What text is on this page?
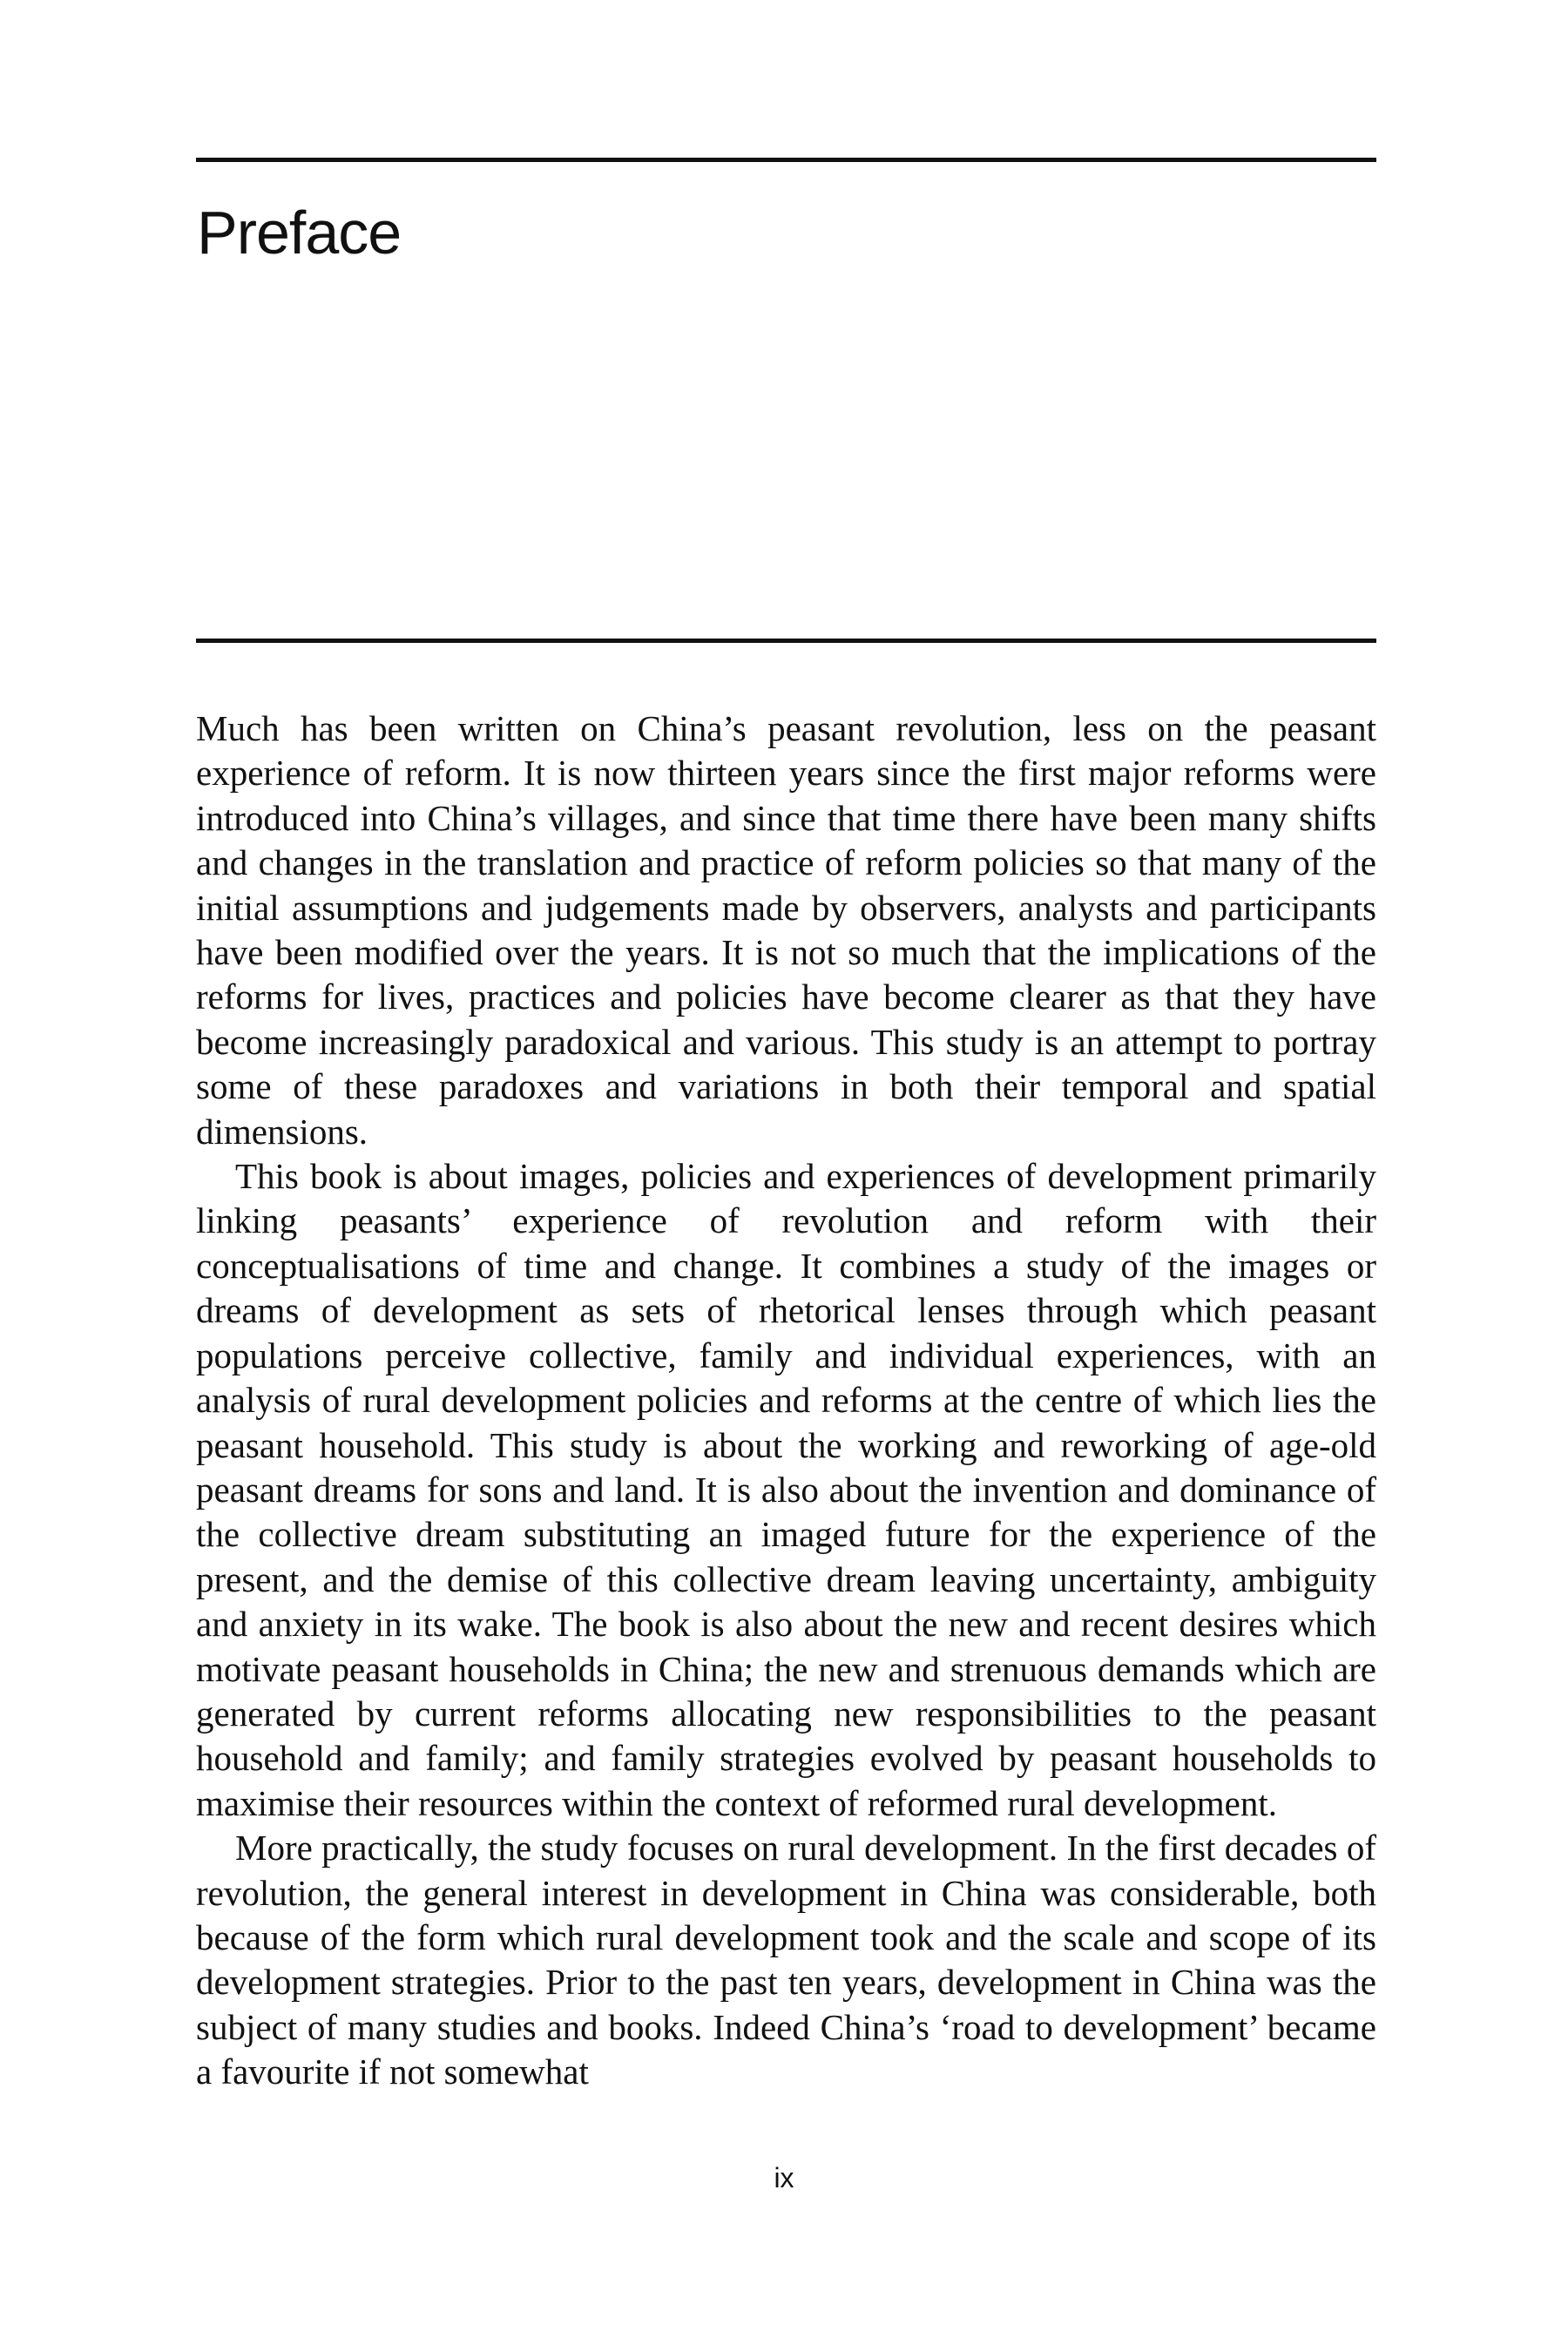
Preface

Much has been written on China’s peasant revolution, less on the peasant experience of reform. It is now thirteen years since the first major reforms were introduced into China’s villages, and since that time there have been many shifts and changes in the translation and practice of reform policies so that many of the initial assumptions and judgements made by observers, analysts and participants have been modified over the years. It is not so much that the implications of the reforms for lives, practices and policies have become clearer as that they have become increasingly paradoxical and various. This study is an attempt to portray some of these paradoxes and variations in both their temporal and spatial dimensions.

This book is about images, policies and experiences of development primarily linking peasants’ experience of revolution and reform with their conceptualisations of time and change. It combines a study of the images or dreams of development as sets of rhetorical lenses through which peasant populations perceive collective, family and individual experiences, with an analysis of rural development policies and reforms at the centre of which lies the peasant household. This study is about the working and reworking of age-old peasant dreams for sons and land. It is also about the invention and dominance of the collective dream substituting an imaged future for the experience of the present, and the demise of this collective dream leaving uncertainty, ambiguity and anxiety in its wake. The book is also about the new and recent desires which motivate peasant households in China; the new and strenuous demands which are generated by current reforms allocating new responsibilities to the peasant household and family; and family strategies evolved by peasant households to maximise their resources within the context of reformed rural development.

More practically, the study focuses on rural development. In the first decades of revolution, the general interest in development in China was considerable, both because of the form which rural development took and the scale and scope of its development strategies. Prior to the past ten years, development in China was the subject of many studies and books. Indeed China’s ‘road to development’ became a favourite if not somewhat

ix
